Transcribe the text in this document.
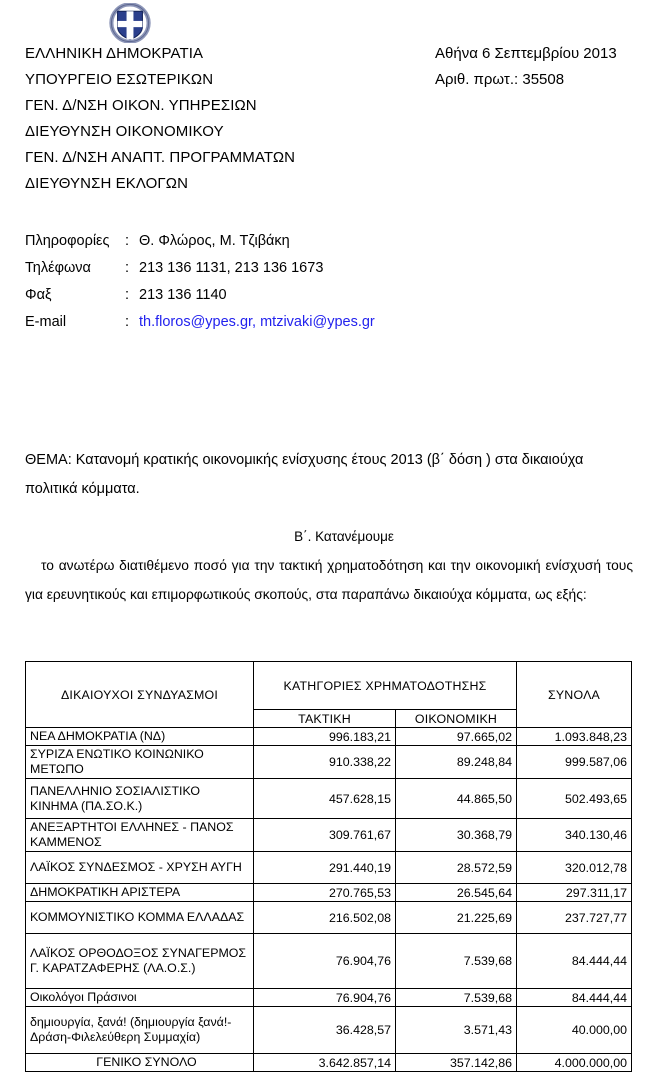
ΕΛΛΗΝΙΚΗ ΔΗΜΟΚΡΑΤΙΑ	Αθήνα 6 Σεπτεμβρίου 2013
ΥΠΟΥΡΓΕΙΟ ΕΣΩΤΕΡΙΚΩΝ	Αριθ. πρωτ.: 35508
ΓΕΝ. Δ/ΝΣΗ ΟΙΚΟΝ. ΥΠΗΡΕΣΙΩΝ
ΔΙΕΥΘΥΝΣΗ ΟΙΚΟΝΟΜΙΚΟΥ
ΓΕΝ. Δ/ΝΣΗ ΑΝΑΠΤ. ΠΡΟΓΡΑΜΜΑΤΩΝ
ΔΙΕΥΘΥΝΣΗ ΕΚΛΟΓΩΝ
Πληροφορίες	: Θ. Φλώρος, Μ. Τζιβάκη
Τηλέφωνα	: 213 136 1131, 213 136 1673
Φαξ	: 213 136 1140
E-mail	: th.floros@ypes.gr, mtzivaki@ypes.gr
ΘΕΜΑ: Κατανομή κρατικής οικονομικής ενίσχυσης έτους 2013 (β΄ δόση ) στα δικαιούχα πολιτικά κόμματα.
Β΄. Κατανέμουμε
το ανωτέρω διατιθέμενο ποσό για την τακτική χρηματοδότηση και την οικονομική ενίσχυσή τους για ερευνητικούς και επιμορφωτικούς σκοπούς, στα παραπάνω δικαιούχα κόμματα, ως εξής:
ΔΙΚΑΙΟΥΧΟΙ ΣΥΝΔΥΑΣΜΟΙ	ΚΑΤΗΓΟΡΙΕΣ ΧΡΗΜΑΤΟΔΟΤΗΣΗΣ		ΣΥΝΟΛΑ
	ΤΑΚΤΙΚΗ	ΟΙΚΟΝΟΜΙΚΗ	
ΝΕΑ ΔΗΜΟΚΡΑΤΙΑ (ΝΔ)	996.183,21	97.665,02	1.093.848,23
ΣΥΡΙΖΑ ΕΝΩΤΙΚΟ ΚΟΙΝΩΝΙΚΟ ΜΕΤΩΠΟ	910.338,22	89.248,84	999.587,06
ΠΑΝΕΛΛΗΝΙΟ ΣΟΣΙΑΛΙΣΤΙΚΟ ΚΙΝΗΜΑ (ΠΑ.ΣΟ.Κ.)	457.628,15	44.865,50	502.493,65
ΑΝΕΞΑΡΤΗΤΟΙ ΕΛΛΗΝΕΣ - ΠΑΝΟΣ ΚΑΜΜΕΝΟΣ	309.761,67	30.368,79	340.130,46
ΛΑΪΚΟΣ ΣΥΝΔΕΣΜΟΣ - ΧΡΥΣΗ ΑΥΓΗ	291.440,19	28.572,59	320.012,78
ΔΗΜΟΚΡΑΤΙΚΗ ΑΡΙΣΤΕΡΑ	270.765,53	26.545,64	297.311,17
ΚΟΜΜΟΥΝΙΣΤΙΚΟ ΚΟΜΜΑ ΕΛΛΑΔΑΣ	216.502,08	21.225,69	237.727,77
ΛΑΪΚΟΣ ΟΡΘΟΔΟΞΟΣ ΣΥΝΑΓΕΡΜΟΣ Γ. ΚΑΡΑΤΖΑΦΕΡΗΣ (ΛΑ.Ο.Σ.)	76.904,76	7.539,68	84.444,44
Οικολόγοι Πράσινοι	76.904,76	7.539,68	84.444,44
δημιουργία, ξανά! (δημιουργία ξανά!-Δράση-Φιλελεύθερη Συμμαχία)	36.428,57	3.571,43	40.000,00
ΓΕΝΙΚΟ ΣΥΝΟΛΟ	3.642.857,14	357.142,86	4.000.000,00
